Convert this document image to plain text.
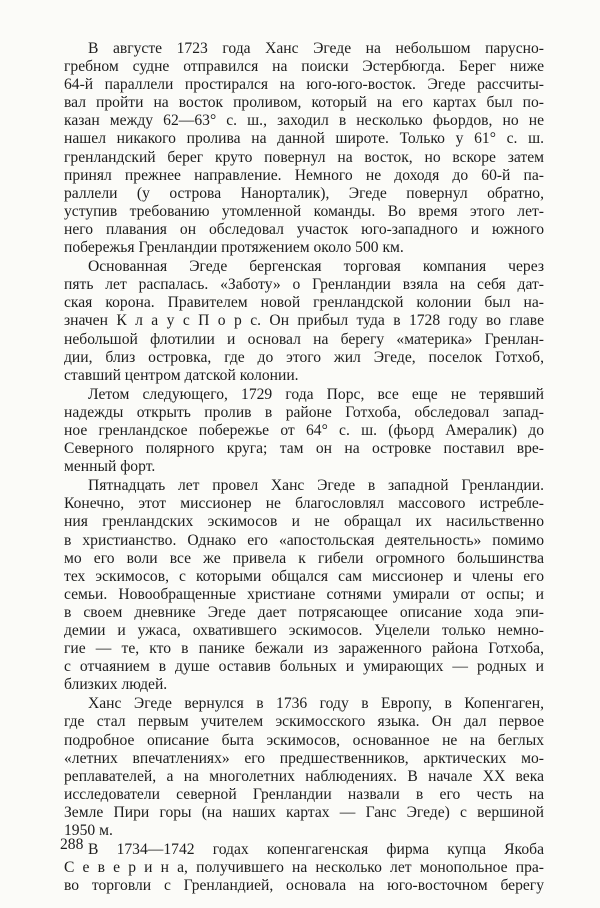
В августе 1723 года Ханс Эгеде на небольшом парусно-
гребном судне отправился на поиски Эстербюгда. Берег ниже
64-й параллели простирался на юго-юго-восток. Эгеде рассчиты-
вал пройти на восток проливом, который на его картах был по-
казан между 62—63° с. ш., заходил в несколько фьордов, но не
нашел никакого пролива на данной широте. Только у 61° с. ш.
гренландский берег круто повернул на восток, но вскоре затем
принял прежнее направление. Немного не доходя до 60-й па-
раллели (у острова Нанорталик), Эгеде повернул обратно,
уступив требованию утомленной команды. Во время этого лет-
него плавания он обследовал участок юго-западного и южного
побережья Гренландии протяжением около 500 км.

Основанная Эгеде бергенская торговая компания через
пять лет распалась. «Заботу» о Гренландии взяла на себя дат-
ская корона. Правителем новой гренландской колонии был на-
значен К л а у с П о р с. Он прибыл туда в 1728 году во главе
небольшой флотилии и основал на берегу «материка» Гренлан-
дии, близ островка, где до этого жил Эгеде, поселок Готхоб,
ставший центром датской колонии.

Летом следующего, 1729 года Порс, все еще не терявший
надежды открыть пролив в районе Готхоба, обследовал запад-
ное гренландское побережье от 64° с. ш. (фьорд Амералик) до
Северного полярного круга; там он на островке поставил вре-
менный форт.

Пятнадцать лет провел Ханс Эгеде в западной Гренландии.
Конечно, этот миссионер не благословлял массового истребле-
ния гренландских эскимосов и не обращал их насильственно
в христианство. Однако его «апостольская деятельность» помимо
мо его воли все же привела к гибели огромного большинства
тех эскимосов, с которыми общался сам миссионер и члены его
семьи. Новообращенные христиане сотнями умирали от оспы; и
в своем дневнике Эгеде дает потрясающее описание хода эпи-
демии и ужаса, охватившего эскимосов. Уцелели только немно-
гие — те, кто в панике бежали из зараженного района Готхоба,
с отчаянием в душе оставив больных и умирающих — родных и
близких людей.

Ханс Эгеде вернулся в 1736 году в Европу, в Копенгаген,
где стал первым учителем эскимосского языка. Он дал первое
подробное описание быта эскимосов, основанное не на беглых
«летних впечатлениях» его предшественников, арктических мо-
реплавателей, а на многолетних наблюдениях. В начале XX века
исследователи северной Гренландии назвали в его честь на
Земле Пири горы (на наших картах — Ганс Эгеде) с вершиной
1950 м.

В 1734—1742 годах копенгагенская фирма купца Якоба
С е в е р и н а, получившего на несколько лет монопольное пра-
во торговли с Гренландией, основала на юго-восточном берегу

288
